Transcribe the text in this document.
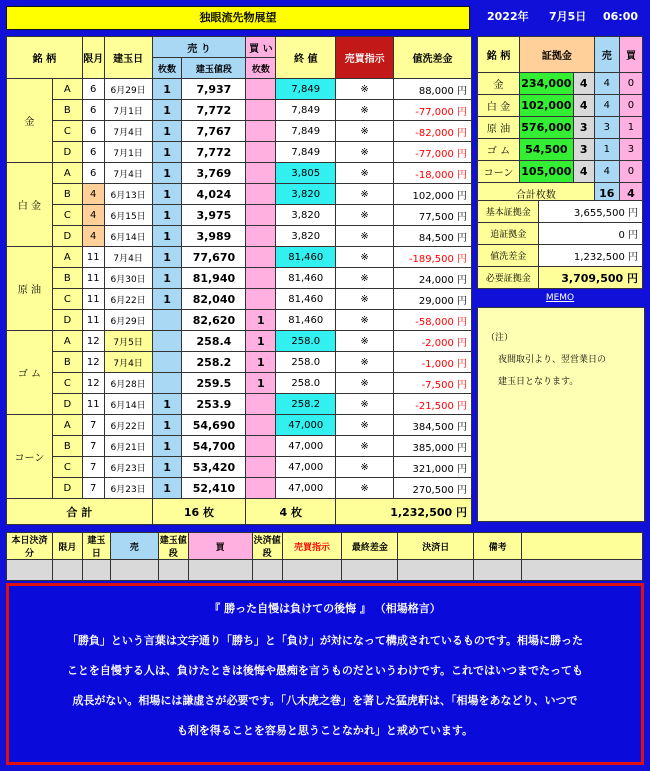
独眼流先物展望	2022年 7月5日 06:00
銘 柄		限月	建玉日	売 り		買 い	終 値	売買指示	値洗差金
				枚数	建玉値段	枚数			
金	A	6	6月29日	1	7,937		7,849	※	88,000 円
	B	6	7月1日	1	7,772		7,849	※	-77,000 円
	C	6	7月4日	1	7,767		7,849	※	-82,000 円
	D	6	7月1日	1	7,772		7,849	※	-77,000 円
白 金	A	6	7月4日	1	3,769		3,805	※	-18,000 円
	B	4	6月13日	1	4,024		3,820	※	102,000 円
	C	4	6月15日	1	3,975		3,820	※	77,500 円
	D	4	6月14日	1	3,989		3,820	※	84,500 円
原 油	A	11	7月4日	1	77,670		81,460	※	-189,500 円
	B	11	6月30日	1	81,940		81,460	※	24,000 円
	C	11	6月22日	1	82,040		81,460	※	29,000 円
	D	11	6月29日		82,620	1	81,460	※	-58,000 円
ゴ ム	A	12	7月5日		258.4	1	258.0	※	-2,000 円
	B	12	7月4日		258.2	1	258.0	※	-1,000 円
	C	12	6月28日		259.5	1	258.0	※	-7,500 円
	D	11	6月14日	1	253.9		258.2	※	-21,500 円
コーン	A	7	6月22日	1	54,690		47,000	※	384,500 円
	B	7	6月21日	1	54,700		47,000	※	385,000 円
	C	7	6月23日	1	53,420		47,000	※	321,000 円
	D	7	6月23日	1	52,410		47,000	※	270,500 円
合 計				16 枚		4 枚		1,232,500 円	
銘 柄	証拠金		売	買
金	234,000	4	4	0
白 金	102,000	4	4	0
原 油	576,000	3	3	1
ゴ ム	54,500	3	1	3
コーン	105,000	4	4	0
合計枚数			16	4
基本証拠金	3,655,500 円
追証拠金	0 円
値洗差金	1,232,500 円
必要証拠金	3,709,500 円
MEMO
（注）
夜間取引より、翌営業日の
建玉日となります。
本日決済分	限月	建玉日	売	建玉値段	買	決済値段	売買指示	最終差金	決済日	備考	

『 勝った自慢は負けての後悔 』 （相場格言）

「勝負」という言葉は文字通り「勝ち」と「負け」が対になって構成されているものです。相場に勝った

ことを自慢する人は、負けたときは後悔や愚痴を言うものだというわけです。これではいつまでたっても

成長がない。相場には謙虚さが必要です。「八木虎之巻」を著した猛虎軒は、「相場をあなどり、いつで

も利を得ることを容易と思うことなかれ」と戒めています。
